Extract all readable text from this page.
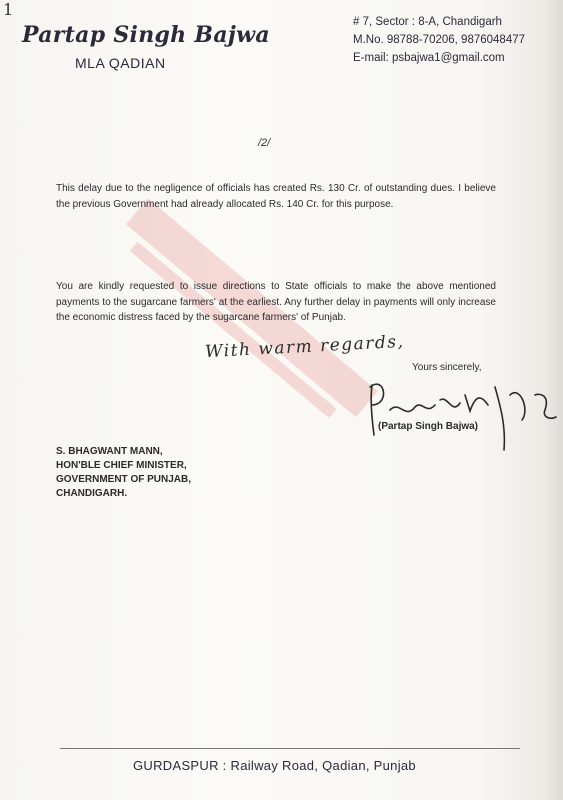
1
Partap Singh Bajwa
MLA QADIAN
# 7, Sector : 8-A, Chandigarh
M.No. 98788-70206, 9876048477
E-mail: psbajwa1@gmail.com
/2/
This delay due to the negligence of officials has created Rs. 130 Cr. of outstanding dues. I believe the previous Government had already allocated Rs. 140 Cr. for this purpose.
You are kindly requested to issue directions to State officials to make the above mentioned payments to the sugarcane farmers' at the earliest. Any further delay in payments will only increase the economic distress faced by the sugarcane farmers' of Punjab.
With warm regards,
Yours sincerely,
(Partap Singh Bajwa)
S. BHAGWANT MANN,
HON'BLE CHIEF MINISTER,
GOVERNMENT OF PUNJAB,
CHANDIGARH.
GURDASPUR : Railway Road, Qadian, Punjab
